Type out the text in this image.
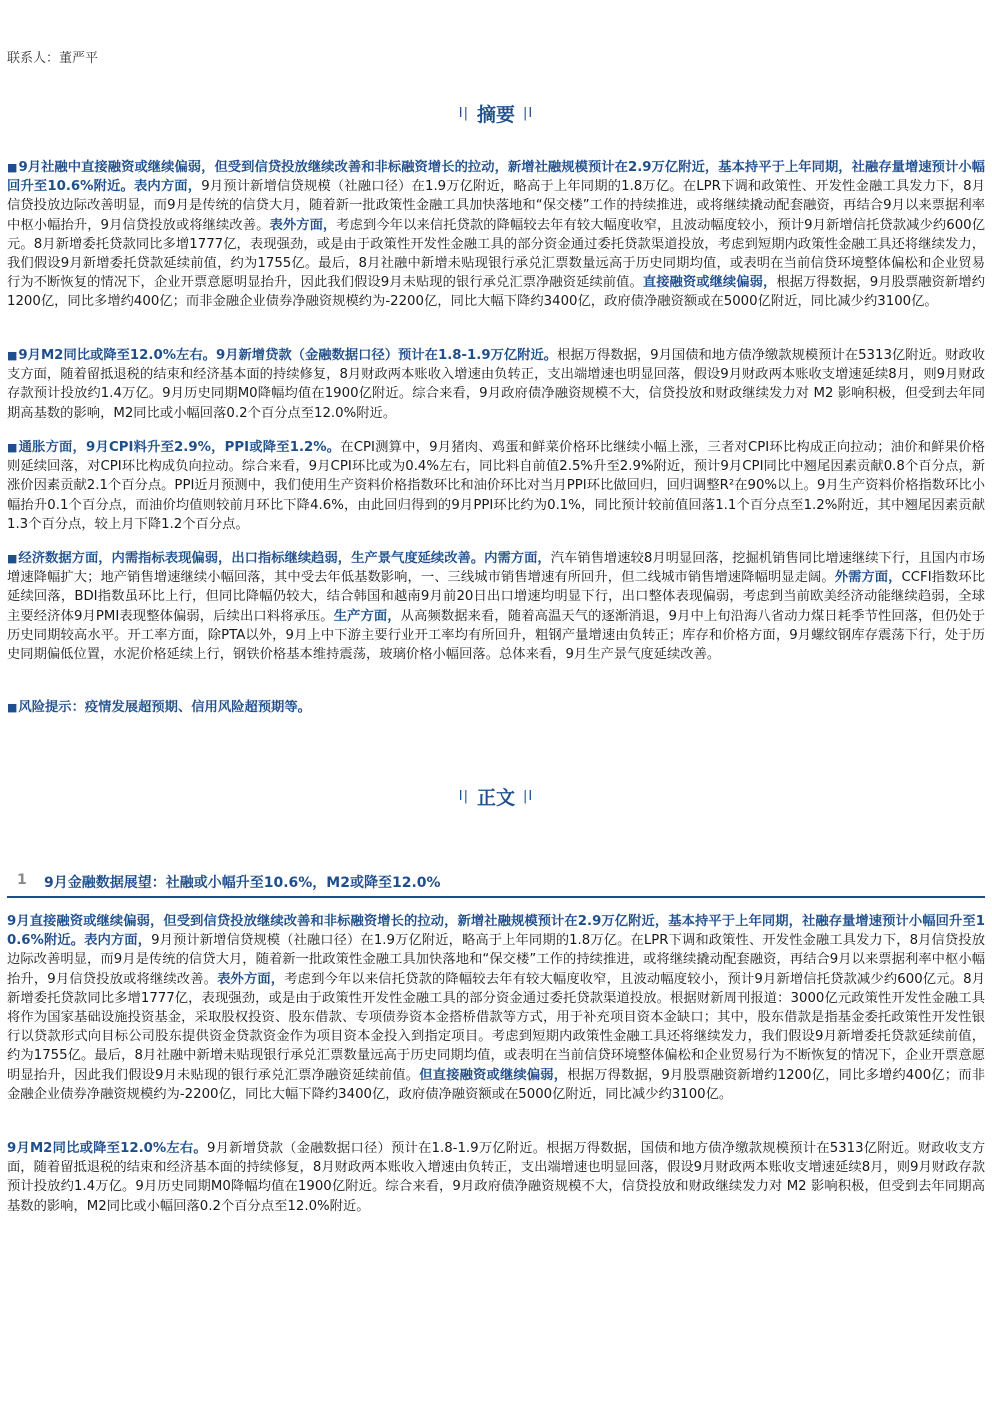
联系人：董严平
I| 摘要 |I
■9月社融中直接融资或继续偏弱，但受到信贷投放继续改善和非标融资增长的拉动，新增社融规模预计在2.9万亿附近，基本持平于上年同期，社融存量增速预计小幅回升至10.6%附近。表内方面，9月预计新增信贷规模（社融口径）在1.9万亿附近，略高于上年同期的1.8万亿。在LPR下调和政策性、开发性金融工具发力下，8月信贷投放边际改善明显，而9月是传统的信贷大月，随着新一批政策性金融工具加快落地和“保交楼”工作的持续推进，或将继续撬动配套融资，再结合9月以来票据利率中枢小幅抬升，9月信贷投放或将继续改善。表外方面，考虑到今年以来信托贷款的降幅较去年有较大幅度收窄，且波动幅度较小，预计9月新增信托贷款减少约600亿元。8月新增委托贷款同比多增1777亿，表现强劲，或是由于政策性开发性金融工具的部分资金通过委托贷款渠道投放，考虑到短期内政策性金融工具还将继续发力，我们假设9月新增委托贷款延续前值，约为1755亿。最后，8月社融中新增未贴现银行承兑汇票数量远高于历史同期均值，或表明在当前信贷环境整体偏松和企业贸易行为不断恢复的情况下，企业开票意愿明显抬升，因此我们假设9月未贴现的银行承兑汇票净融资延续前值。直接融资或继续偏弱，根据万得数据，9月股票融资新增约1200亿，同比多增约400亿；而非金融企业债券净融资规模约为-2200亿，同比大幅下降约3400亿，政府债净融资额或在5000亿附近，同比减少约3100亿。
■9月M2同比或降至12.0%左右。9月新增贷款（金融数据口径）预计在1.8-1.9万亿附近。根据万得数据，9月国债和地方债净缴款规模预计在5313亿附近。财政收支方面，随着留抵退税的结束和经济基本面的持续修复，8月财政两本账收入增速由负转正，支出端增速也明显回落，假设9月财政两本账收支增速延续8月，则9月财政存款预计投放约1.4万亿。9月历史同期M0降幅均值在1900亿附近。综合来看，9月政府债净融资规模不大，信贷投放和财政继续发力对 M2 影响积极，但受到去年同期高基数的影响，M2同比或小幅回落0.2个百分点至12.0%附近。
■通胀方面，9月CPI料升至2.9%，PPI或降至1.2%。在CPI测算中，9月猪肉、鸡蛋和鲜菜价格环比继续小幅上涨，三者对CPI环比构成正向拉动；油价和鲜果价格则延续回落，对CPI环比构成负向拉动。综合来看，9月CPI环比或为0.4%左右，同比料自前值2.5%升至2.9%附近，预计9月CPI同比中翘尾因素贡献0.8个百分点，新涨价因素贡献2.1个百分点。PPI近月预测中，我们使用生产资料价格指数环比和油价环比对当月PPI环比做回归，回归调整R²在90%以上。9月生产资料价格指数环比小幅抬升0.1个百分点，而油价均值则较前月环比下降4.6%，由此回归得到的9月PPI环比约为0.1%，同比预计较前值回落1.1个百分点至1.2%附近，其中翘尾因素贡献1.3个百分点，较上月下降1.2个百分点。
■经济数据方面，内需指标表现偏弱，出口指标继续趋弱，生产景气度延续改善。内需方面，汽车销售增速较8月明显回落，挖掘机销售同比增速继续下行，且国内市场增速降幅扩大；地产销售增速继续小幅回落，其中受去年低基数影响，一、三线城市销售增速有所回升，但二线城市销售增速降幅明显走阔。外需方面，CCFI指数环比延续回落，BDI指数虽环比上行，但同比降幅仍较大，结合韩国和越南9月前20日出口增速均明显下行，出口整体表现偏弱，考虑到当前欧美经济动能继续趋弱，全球主要经济体9月PMI表现整体偏弱，后续出口料将承压。生产方面，从高频数据来看，随着高温天气的逐渐消退，9月中上旬沿海八省动力煤日耗季节性回落，但仍处于历史同期较高水平。开工率方面，除PTA以外，9月上中下游主要行业开工率均有所回升，粗钢产量增速由负转正；库存和价格方面，9月螺纹钢库存震荡下行，处于历史同期偏低位置，水泥价格延续上行，钢铁价格基本维持震荡，玻璃价格小幅回落。总体来看，9月生产景气度延续改善。
■风险提示：疫情发展超预期、信用风险超预期等。
I| 正文 |I
1 9月金融数据展望：社融或小幅升至10.6%，M2或降至12.0%
9月直接融资或继续偏弱，但受到信贷投放继续改善和非标融资增长的拉动，新增社融规模预计在2.9万亿附近，基本持平于上年同期，社融存量增速预计小幅回升至10.6%附近。表内方面，9月预计新增信贷规模（社融口径）在1.9万亿附近，略高于上年同期的1.8万亿。在LPR下调和政策性、开发性金融工具发力下，8月信贷投放边际改善明显，而9月是传统的信贷大月，随着新一批政策性金融工具加快落地和“保交楼”工作的持续推进，或将继续撬动配套融资，再结合9月以来票据利率中枢小幅抬升，9月信贷投放或将继续改善。表外方面，考虑到今年以来信托贷款的降幅较去年有较大幅度收窄，且波动幅度较小，预计9月新增信托贷款减少约600亿元。8月新增委托贷款同比多增1777亿，表现强劲，或是由于政策性开发性金融工具的部分资金通过委托贷款渠道投放。根据财新周刊报道：3000亿元政策性开发性金融工具将作为国家基础设施投资基金，采取股权投资、股东借款、专项债券资本金搭桥借款等方式，用于补充项目资本金缺口；其中，股东借款是指基金委托政策性开发性银行以贷款形式向目标公司股东提供资金贷款资金作为项目资本金投入到指定项目。考虑到短期内政策性金融工具还将继续发力，我们假设9月新增委托贷款延续前值，约为1755亿。最后，8月社融中新增未贴现银行承兑汇票数量远高于历史同期均值，或表明在当前信贷环境整体偏松和企业贸易行为不断恢复的情况下，企业开票意愿明显抬升，因此我们假设9月未贴现的银行承兑汇票净融资延续前值。但直接融资或继续偏弱，根据万得数据，9月股票融资新增约1200亿，同比多增约400亿；而非金融企业债券净融资规模约为-2200亿，同比大幅下降约3400亿，政府债净融资额或在5000亿附近，同比减少约3100亿。
9月M2同比或降至12.0%左右。9月新增贷款（金融数据口径）预计在1.8-1.9万亿附近。根据万得数据，国债和地方债净缴款规模预计在5313亿附近。财政收支方面，随着留抵退税的结束和经济基本面的持续修复，8月财政两本账收入增速由负转正，支出端增速也明显回落，假设9月财政两本账收支增速延续8月，则9月财政存款预计投放约1.4万亿。9月历史同期M0降幅均值在1900亿附近。综合来看，9月政府债净融资规模不大，信贷投放和财政继续发力对 M2 影响积极，但受到去年同期高基数的影响，M2同比或小幅回落0.2个百分点至12.0%附近。
